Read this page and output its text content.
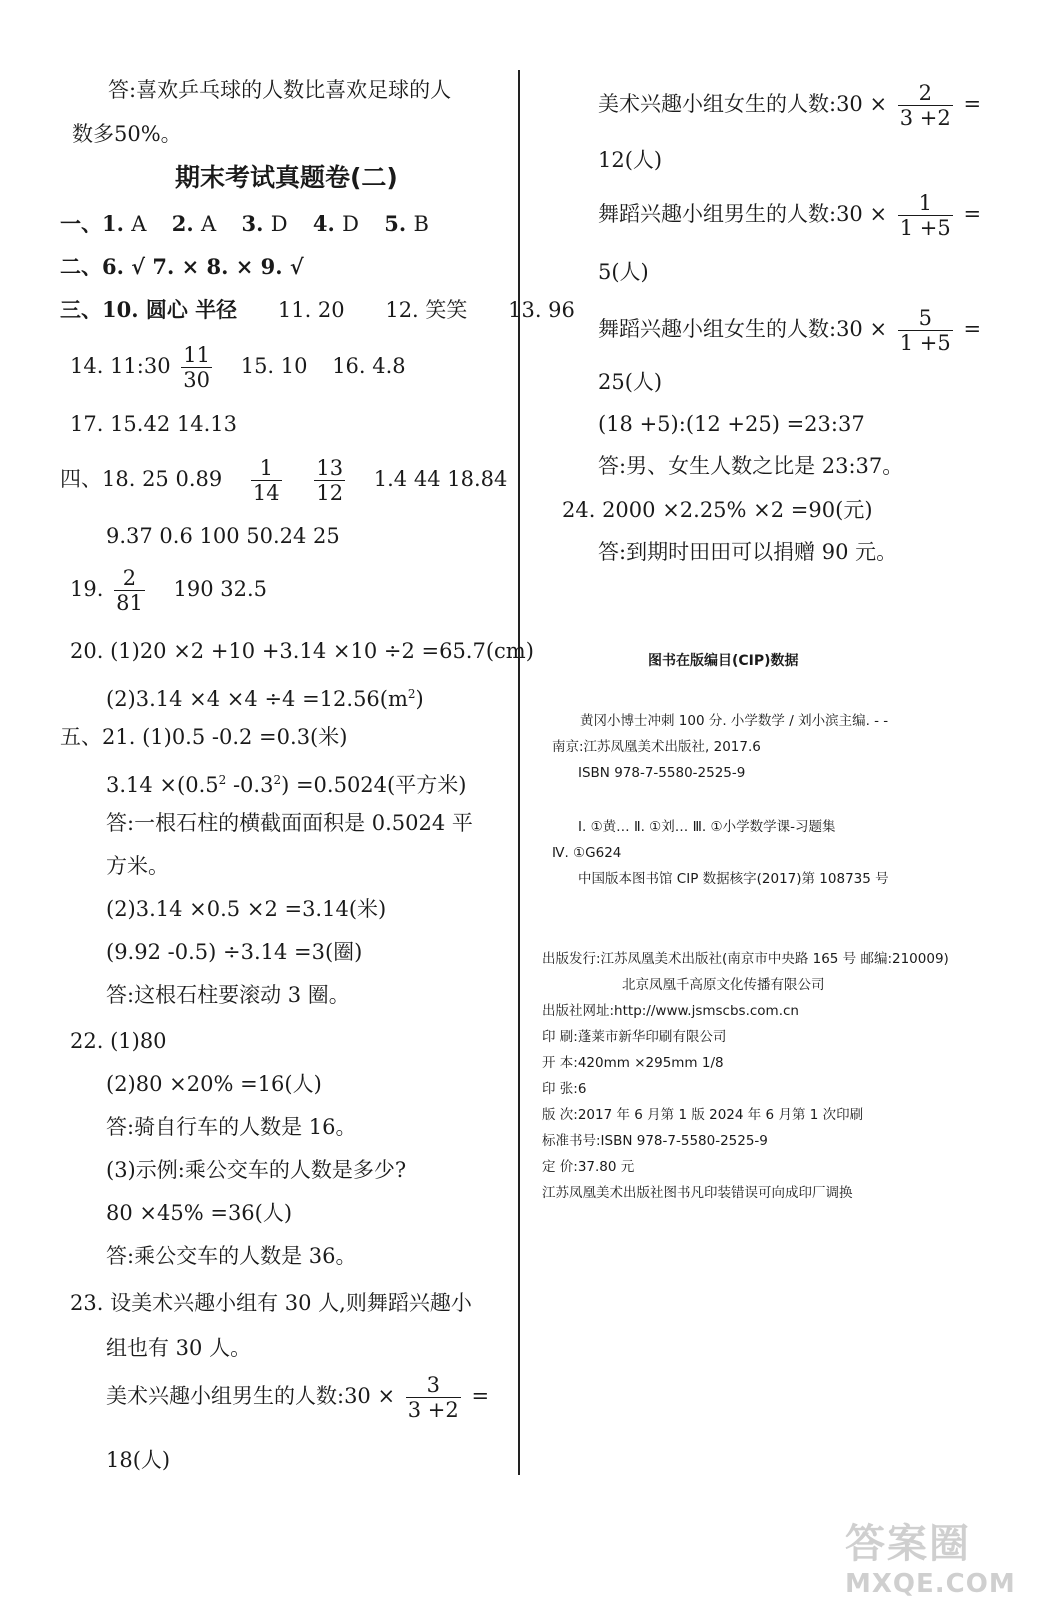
答:喜欢乒乓球的人数比喜欢足球的人
数多50%。
期末考试真题卷(二)
一、1. A 2. A 3. D 4. D 5. B
二、6. √ 7. × 8. × 9. √
三、10. 圆心 半径 11. 20 12. 笑笑 13. 96
14. 11:30 $\frac{11}{30} 15$. 10 16. 4.8
17. 15.42 14.13
四、18. 25 $0.89 \frac{1}{14}$
$\frac{13}{12} 1.4$ 44 18.84
9.37 0.6 100 50.24 25
19. $\frac{2}{81} 190$ 32.5
20. (1)20 ×2 +10 +3.14 ×10 ÷2 =65.7(cm)
$(2)3.14 \times 4 \times 4 \div 4 =12.56(m^2)$
五、21. (1)0.5 -0.2 =0.3(米)
$3.14 \times(0.5^2$ $-0.3^2) =0.5024$(平方米)
答:一根石柱的横截面面积是 0.5024 平
方米。
(2)3.14 ×0.5 ×2 =3.14(米)
(9.92 -0.5) ÷3.14 =3(圈)
答:这根石柱要滚动 3 圈。
22. (1)80
(2)80 ×20% =16(人)
答:骑自行车的人数是 16。
(3)示例:乘公交车的人数是多少?
80 ×45% =36(人)
答:乘公交车的人数是 36。
23. 设美术兴趣小组有 30 人,则舞蹈兴趣小
组也有 30 人。
美术兴趣小组男生的人数:30 × $\frac{3}{3 +2}$ =
18(人)
美术兴趣小组女生的人数:30 × $\frac{2}{3 +2}$ =
12(人)
舞蹈兴趣小组男生的人数:30 × $\frac{1}{1 +5}$ =
5(人)
舞蹈兴趣小组女生的人数:30 × $\frac{5}{1 +5}$ =
25(人)
(18 +5):(12 +25) =23:37
答:男、女生人数之比是 23:37。
24. 2000 ×2.25% ×2 =90(元)
答:到期时田田可以捐赠 90 元。
图书在版编目(CIP)数据
黄冈小博士冲刺 100 分. 小学数学 / 刘小滨主编. - -
南京:江苏凤凰美术出版社, 2017.6
ISBN 978-7-5580-2525-9
Ⅰ. ①黄… Ⅱ. ①刘… Ⅲ. ①小学数学课-习题集
Ⅳ. ①G624
中国版本图书馆 CIP 数据核字(2017)第 108735 号
出版发行:江苏凤凰美术出版社(南京市中央路 165 号 邮编:210009)
北京凤凰千高原文化传播有限公司
出版社网址:http://www.jsmscbs.com.cn
印 刷:蓬莱市新华印刷有限公司
开 本:420mm ×295mm 1/8
印 张:6
版 次:2017 年 6 月第 1 版 2024 年 6 月第 1 次印刷
标准书号:ISBN 978-7-5580-2525-9
定 价:37.80 元
江苏凤凰美术出版社图书凡印装错误可向成印厂调换
答案圈
MXQE.COM
